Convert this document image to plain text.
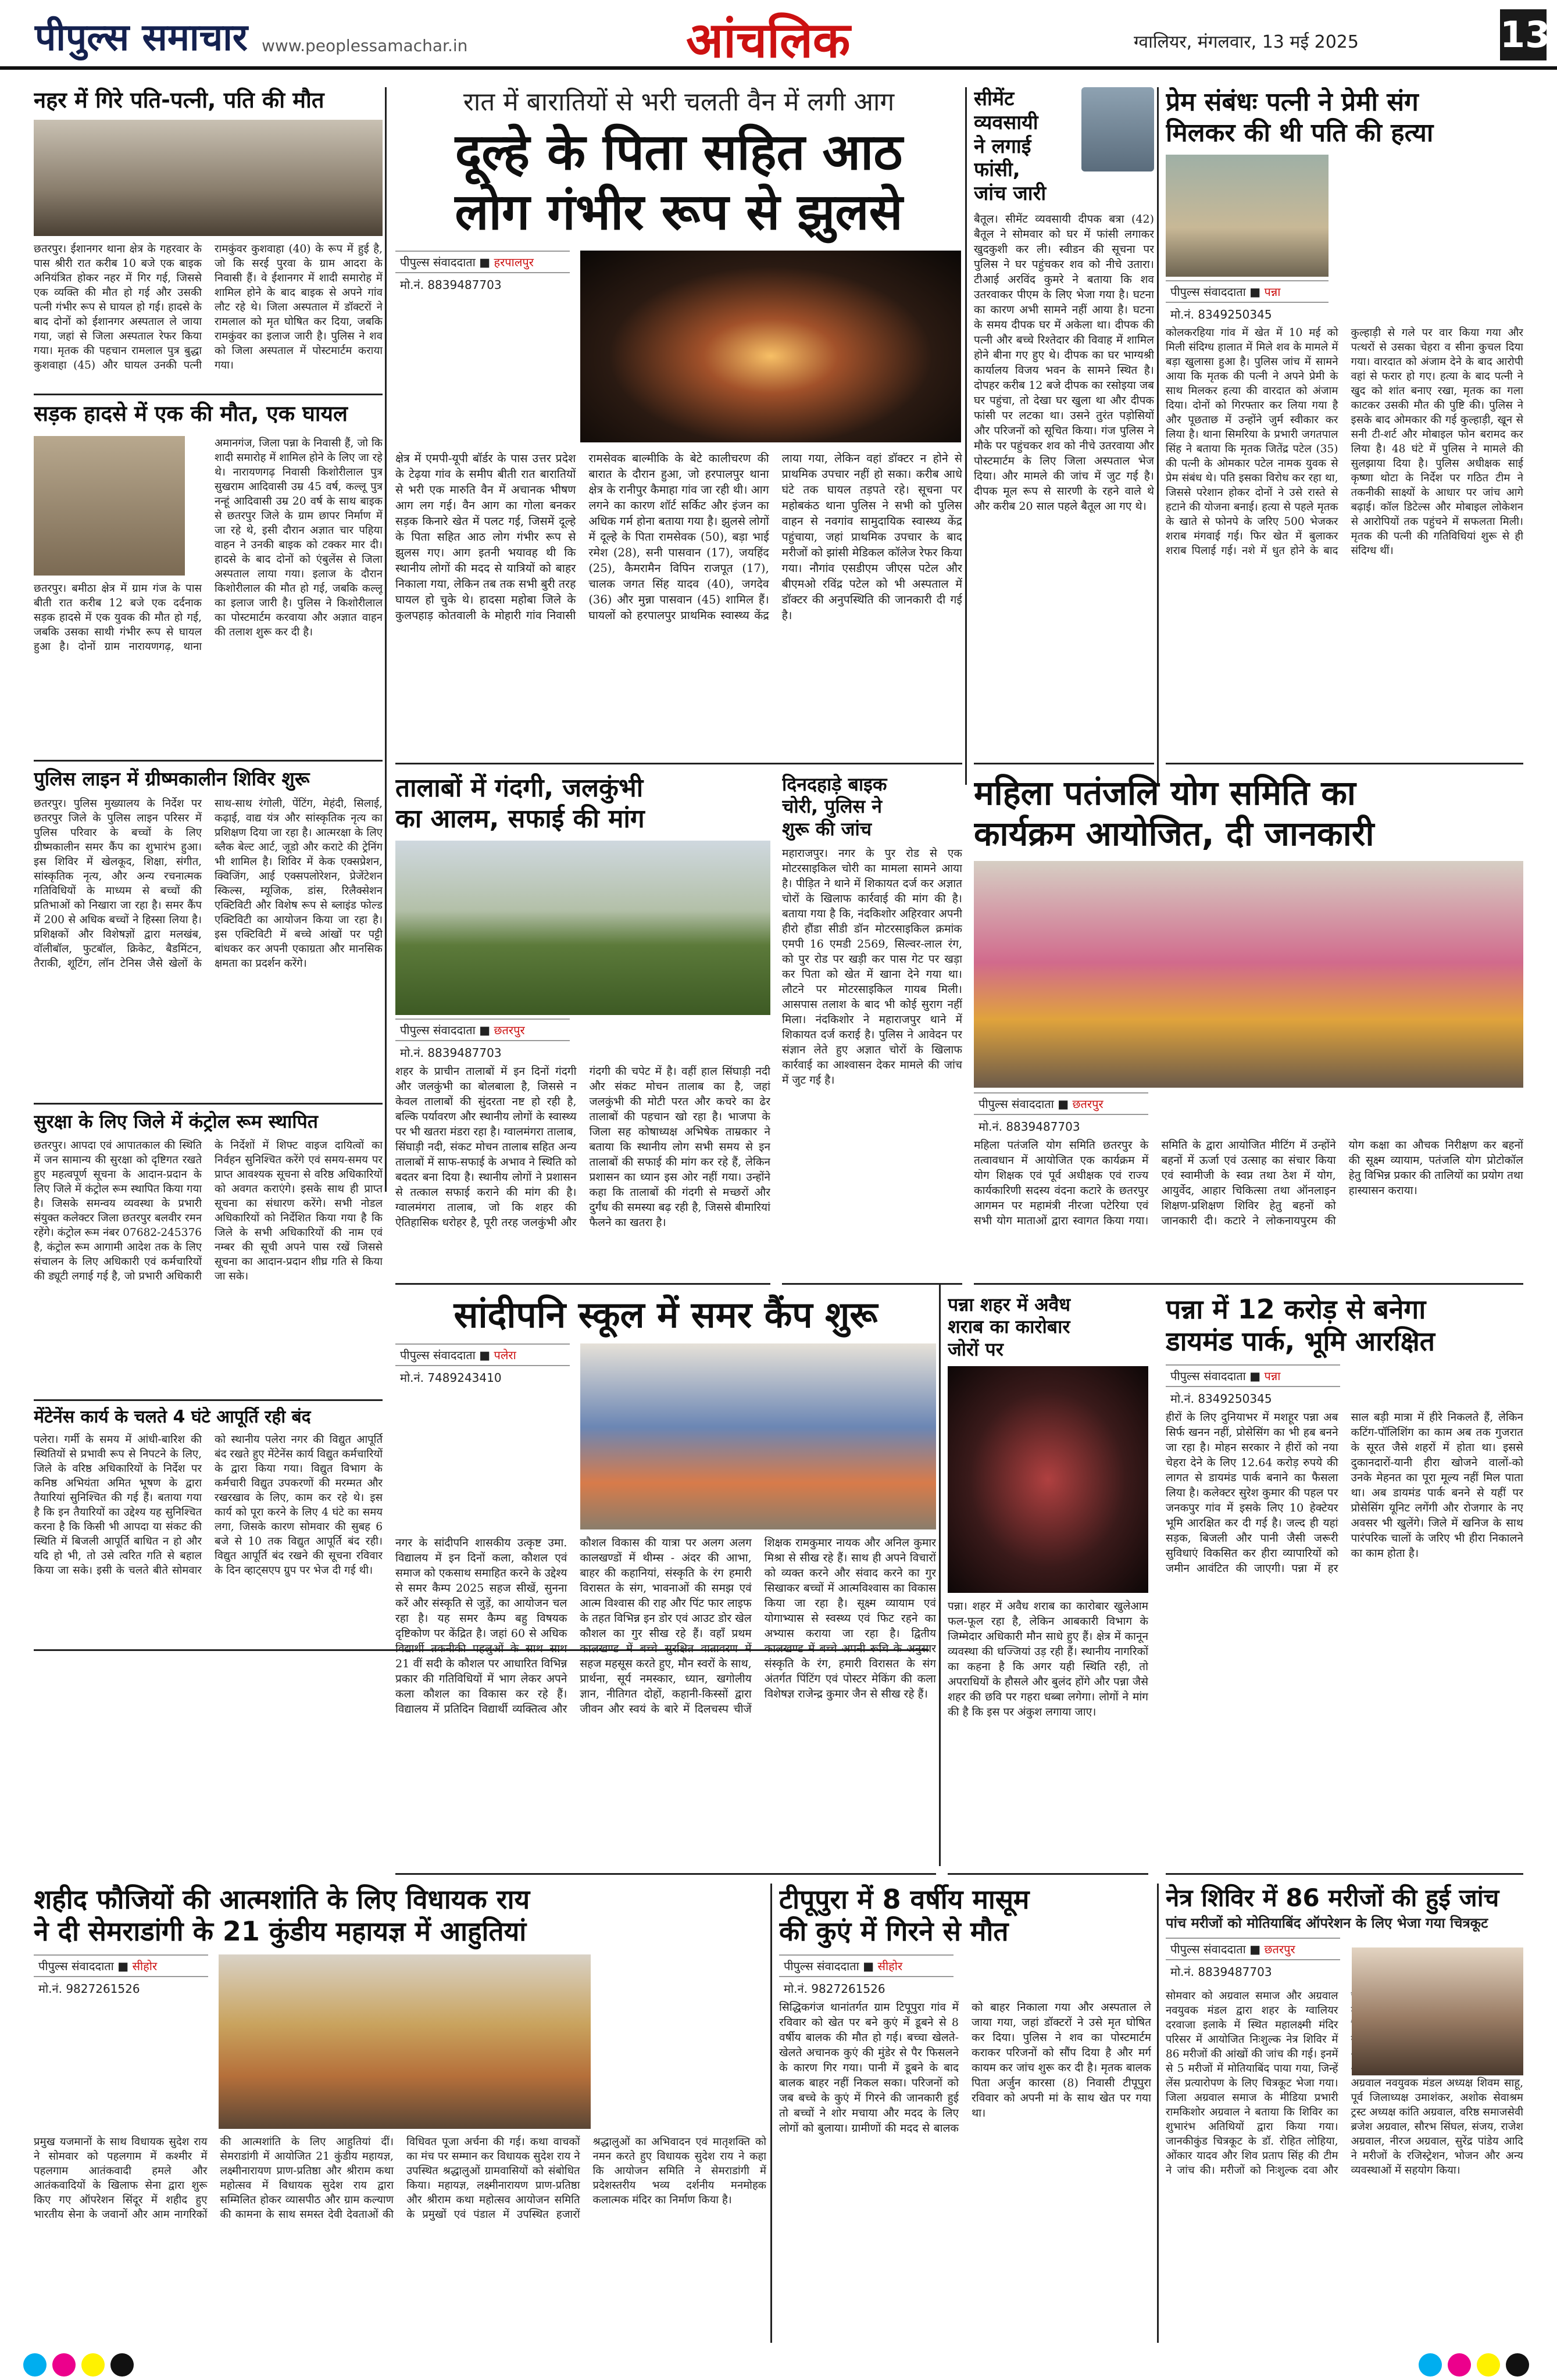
पीपुल्स समाचार www.peoplessamachar.in	आंचलिक	ग्वालियर, मंगलवार, 13 मई 2025	13
नहर में गिरे पति-पत्नी, पति की मौत
छतरपुर। ईशानगर थाना क्षेत्र के गहरवार के पास श्रीरी रात करीब 10 बजे एक बाइक अनियंत्रित होकर नहर में गिर गई, जिससे एक व्यक्ति की मौत हो गई और उसकी पत्नी गंभीर रूप से घायल हो गई। हादसे के बाद दोनों को ईशानगर अस्पताल ले जाया गया, जहां से जिला अस्पताल रेफर किया गया। मृतक की पहचान रामलाल पुत्र बुद्धा कुशवाहा (45) और घायल उनकी पत्नी रामकुंवर कुशवाहा (40) के रूप में हुई है, जो कि सरई पुरवा के ग्राम आदरा के निवासी हैं। वे ईशानगर में शादी समारोह में शामिल होने के बाद बाइक से अपने गांव लौट रहे थे। जिला अस्पताल में डॉक्टरों ने रामलाल को मृत घोषित कर दिया, जबकि रामकुंवर का इलाज जारी है। पुलिस ने शव को जिला अस्पताल में पोस्टमार्टम कराया गया।
सड़क हादसे में एक की मौत, एक घायल
छतरपुर। बमीठा क्षेत्र में ग्राम गंज के पास बीती रात करीब 12 बजे एक दर्दनाक सड़क हादसे में एक युवक की मौत हो गई, जबकि उसका साथी गंभीर रूप से घायल हुआ है। दोनों ग्राम नारायणगढ़, थाना अमानगंज, जिला पन्ना के निवासी हैं, जो कि शादी समारोह में शामिल होने के लिए जा रहे थे। नारायणगढ़ निवासी किशोरीलाल पुत्र सुखराम आदिवासी उम्र 45 वर्ष, कल्लू पुत्र नन्हूं आदिवासी उम्र 20 वर्ष के साथ बाइक से छतरपुर जिले के ग्राम छापर निर्माण में जा रहे थे, इसी दौरान अज्ञात चार पहिया वाहन ने उनकी बाइक को टक्कर मार दी। हादसे के बाद दोनों को एंबुलेंस से जिला अस्पताल लाया गया। इलाज के दौरान किशोरीलाल की मौत हो गई, जबकि कल्लू का इलाज जारी है। पुलिस ने किशोरीलाल का पोस्टमार्टम करवाया और अज्ञात वाहन की तलाश शुरू कर दी है।
पुलिस लाइन में ग्रीष्मकालीन शिविर शुरू
छतरपुर। पुलिस मुख्यालय के निर्देश पर छतरपुर जिले के पुलिस लाइन परिसर में पुलिस परिवार के बच्चों के लिए ग्रीष्मकालीन समर कैंप का शुभारंभ हुआ। इस शिविर में खेलकूद, शिक्षा, संगीत, सांस्कृतिक नृत्य, और अन्य रचनात्मक गतिविधियों के माध्यम से बच्चों की प्रतिभाओं को निखारा जा रहा है। समर कैंप में 200 से अधिक बच्चों ने हिस्सा लिया है। प्रशिक्षकों और विशेषज्ञों द्वारा मलखंब, वॉलीबॉल, फुटबॉल, क्रिकेट, बैडमिंटन, तैराकी, शूटिंग, लॉन टेनिस जैसे खेलों के साथ-साथ रंगोली, पेंटिंग, मेहंदी, सिलाई, कढ़ाई, वाद्य यंत्र और सांस्कृतिक नृत्य का प्रशिक्षण दिया जा रहा है। आत्मरक्षा के लिए ब्लैक बेल्ट आर्ट, जूडो और कराटे की ट्रेनिंग भी शामिल है। शिविर में केक एक्सप्रेशन, क्विजिंग, आई एक्सपलोरेशन, प्रेजेंटेशन स्किल्स, म्यूजिक, डांस, रिलैक्सेशन एक्टिविटी और विशेष रूप से ब्लाइंड फोल्ड एक्टिविटी का आयोजन किया जा रहा है। इस एक्टिविटी में बच्चे आंखों पर पट्टी बांधकर कर अपनी एकाग्रता और मानसिक क्षमता का प्रदर्शन करेंगे।
सुरक्षा के लिए जिले में कंट्रोल रूम स्थापित
छतरपुर। आपदा एवं आपातकाल की स्थिति में जन सामान्य की सुरक्षा को दृष्टिगत रखते हुए महत्वपूर्ण सूचना के आदान-प्रदान के लिए जिले में कंट्रोल रूम स्थापित किया गया है। जिसके समन्वय व्यवस्था के प्रभारी संयुक्त कलेक्टर जिला छतरपुर बलवीर रमन रहेंगे। कंट्रोल रूम नंबर 07682-245376 है, कंट्रोल रूम आगामी आदेश तक के लिए संचालन के लिए अधिकारी एवं कर्मचारियों की ड्यूटी लगाई गई है, जो प्रभारी अधिकारी के निर्देशों में शिफ्ट वाइज दायित्वों का निर्वहन सुनिश्चित करेंगे एवं समय-समय पर प्राप्त आवश्यक सूचना से वरिष्ठ अधिकारियों को अवगत कराएंगे। इसके साथ ही प्राप्त सूचना का संधारण करेंगे। सभी नोडल अधिकारियों को निर्देशित किया गया है कि जिले के सभी अधिकारियों की नाम एवं नम्बर की सूची अपने पास रखें जिससे सूचना का आदान-प्रदान शीघ्र गति से किया जा सके।
मेंटेनेंस कार्य के चलते 4 घंटे आपूर्ति रही बंद
पलेरा। गर्मी के समय में आंधी-बारिश की स्थितियों से प्रभावी रूप से निपटने के लिए, जिले के वरिष्ठ अधिकारियों के निर्देश पर कनिष्ठ अभियंता अमित भूषण के द्वारा तैयारियां सुनिश्चित की गई हैं। बताया गया है कि इन तैयारियों का उद्देश्य यह सुनिश्चित करना है कि किसी भी आपदा या संकट की स्थिति में बिजली आपूर्ति बाधित न हो और यदि हो भी, तो उसे त्वरित गति से बहाल किया जा सके। इसी के चलते बीते सोमवार को स्थानीय पलेरा नगर की विद्युत आपूर्ति बंद रखते हुए मेंटेनेंस कार्य विद्युत कर्मचारियों के द्वारा किया गया। विद्युत विभाग के कर्मचारी विद्युत उपकरणों की मरम्मत और रखरखाव के लिए, काम कर रहे थे। इस कार्य को पूरा करने के लिए 4 घंटे का समय लगा, जिसके कारण सोमवार की सुबह 6 बजे से 10 तक विद्युत आपूर्ति बंद रही। विद्युत आपूर्ति बंद रखने की सूचना रविवार के दिन व्हाट्सएप ग्रुप पर भेज दी गई थी।
रात में बारातियों से भरी चलती वैन में लगी आग
दूल्हे के पिता सहित आठ
लोग गंभीर रूप से झुलसे
पीपुल्स संवाददाता ■ हरपालपुर
मो.नं. 8839487703
क्षेत्र में एमपी-यूपी बॉर्डर के पास उत्तर प्रदेश के टेढ़या गांव के समीप बीती रात बारातियों से भरी एक मारुति वैन में अचानक भीषण आग लग गई। वैन आग का गोला बनकर सड़क किनारे खेत में पलट गई, जिसमें दूल्हे के पिता सहित आठ लोग गंभीर रूप से झुलस गए। आग इतनी भयावह थी कि स्थानीय लोगों की मदद से यात्रियों को बाहर निकाला गया, लेकिन तब तक सभी बुरी तरह घायल हो चुके थे। हादसा महोबा जिले के कुलपहाड़ कोतवाली के मोहारी गांव निवासी रामसेवक बाल्मीकि के बेटे कालीचरण की बारात के दौरान हुआ, जो हरपालपुर थाना क्षेत्र के रानीपुर कैमाहा गांव जा रही थी। आग लगने का कारण शॉर्ट सर्किट और इंजन का अधिक गर्म होना बताया गया है। झुलसे लोगों में दूल्हे के पिता रामसेवक (50), बड़ा भाई रमेश (28), सनी पासवान (17), जयहिंद (25), कैमरामैन विपिन राजपूत (17), चालक जगत सिंह यादव (40), जगदेव (36) और मुन्ना पासवान (45) शामिल हैं। घायलों को हरपालपुर प्राथमिक स्वास्थ्य केंद्र लाया गया, लेकिन वहां डॉक्टर न होने से प्राथमिक उपचार नहीं हो सका। करीब आधे घंटे तक घायल तड़पते रहे। सूचना पर महोबकंठ थाना पुलिस ने सभी को पुलिस वाहन से नवगांव सामुदायिक स्वास्थ्य केंद्र पहुंचाया, जहां प्राथमिक उपचार के बाद मरीजों को झांसी मेडिकल कॉलेज रेफर किया गया। नौगांव एसडीएम जीएस पटेल और बीएमओ रविंद्र पटेल को भी अस्पताल में डॉक्टर की अनुपस्थिति की जानकारी दी गई है।
सीमेंट व्यवसायी
ने लगाई फांसी,
जांच जारी
बैतूल। सीमेंट व्यवसायी दीपक बत्रा (42) बैतूल ने सोमवार को घर में फांसी लगाकर खुदकुशी कर ली। स्वीडन की सूचना पर पुलिस ने घर पहुंचकर शव को नीचे उतारा। टीआई अरविंद कुमरे ने बताया कि शव उतरवाकर पीएम के लिए भेजा गया है। घटना का कारण अभी सामने नहीं आया है। घटना के समय दीपक घर में अकेला था। दीपक की पत्नी और बच्चे रिश्तेदार की विवाह में शामिल होने बीना गए हुए थे। दीपक का घर भाग्यश्री कार्यालय विजय भवन के सामने स्थित है। दोपहर करीब 12 बजे दीपक का रसोइया जब घर पहुंचा, तो देखा घर खुला था और दीपक फांसी पर लटका था। उसने तुरंत पड़ोसियों और परिजनों को सूचित किया। गंज पुलिस ने मौके पर पहुंचकर शव को नीचे उतरवाया और पोस्टमार्टम के लिए जिला अस्पताल भेज दिया। और मामले की जांच में जुट गई है। दीपक मूल रूप से सारणी के रहने वाले थे और करीब 20 साल पहले बैतूल आ गए थे।
प्रेम संबंधः पत्नी ने प्रेमी संग
मिलकर की थी पति की हत्या
पीपुल्स संवाददाता ■ पन्ना
मो.नं. 8349250345
कोलकरहिया गांव में खेत में 10 मई को मिली संदिग्ध हालात में मिले शव के मामले में बड़ा खुलासा हुआ है। पुलिस जांच में सामने आया कि मृतक की पत्नी ने अपने प्रेमी के साथ मिलकर हत्या की वारदात को अंजाम दिया। दोनों को गिरफ्तार कर लिया गया है और पूछताछ में उन्होंने जुर्म स्वीकार कर लिया है। थाना सिमरिया के प्रभारी जगतपाल सिंह ने बताया कि मृतक जितेंद्र पटेल (35) की पत्नी के ओमकार पटेल नामक युवक से प्रेम संबंध थे। पति इसका विरोध कर रहा था, जिससे परेशान होकर दोनों ने उसे रास्ते से हटाने की योजना बनाई। हत्या से पहले मृतक के खाते से फोनपे के जरिए 500 भेजकर शराब मंगवाई गई। फिर खेत में बुलाकर शराब पिलाई गई। नशे में धुत होने के बाद कुल्हाड़ी से गले पर वार किया गया और पत्थरों से उसका चेहरा व सीना कुचल दिया गया। वारदात को अंजाम देने के बाद आरोपी वहां से फरार हो गए। हत्या के बाद पत्नी ने खुद को शांत बनाए रखा, मृतक का गला काटकर उसकी मौत की पुष्टि की। पुलिस ने इसके बाद ओमकार की गई कुल्हाड़ी, खून से सनी टी-शर्ट और मोबाइल फोन बरामद कर लिया है। 48 घंटे में पुलिस ने मामले की सुलझाया दिया है। पुलिस अधीक्षक साई कृष्णा थोटा के निर्देश पर गठित टीम ने तकनीकी साक्ष्यों के आधार पर जांच आगे बढ़ाई। कॉल डिटेल्स और मोबाइल लोकेशन से आरोपियों तक पहुंचने में सफलता मिली। मृतक की पत्नी की गतिविधियां शुरू से ही संदिग्ध थीं।
तालाबों में गंदगी, जलकुंभी
का आलम, सफाई की मांग
पीपुल्स संवाददाता ■ छतरपुर
मो.नं. 8839487703
शहर के प्राचीन तालाबों में इन दिनों गंदगी और जलकुंभी का बोलबाला है, जिससे न केवल तालाबों की सुंदरता नष्ट हो रही है, बल्कि पर्यावरण और स्थानीय लोगों के स्वास्थ्य पर भी खतरा मंडरा रहा है। ग्वालमंगरा तालाब, सिंघाड़ी नदी, संकट मोचन तालाब सहित अन्य तालाबों में साफ-सफाई के अभाव ने स्थिति को बदतर बना दिया है। स्थानीय लोगों ने प्रशासन से तत्काल सफाई कराने की मांग की है। ग्वालमंगरा तालाब, जो कि शहर की ऐतिहासिक धरोहर है, पूरी तरह जलकुंभी और गंदगी की चपेट में है। वहीं हाल सिंघाड़ी नदी और संकट मोचन तालाब का है, जहां जलकुंभी की मोटी परत और कचरे का ढेर तालाबों की पहचान खो रहा है। भाजपा के जिला सह कोषाध्यक्ष अभिषेक ताम्रकार ने बताया कि स्थानीय लोग सभी समय से इन तालाबों की सफाई की मांग कर रहे हैं, लेकिन प्रशासन का ध्यान इस ओर नहीं गया। उन्होंने कहा कि तालाबों की गंदगी से मच्छरों और दुर्गंध की समस्या बढ़ रही है, जिससे बीमारियां फैलने का खतरा है।
दिनदहाड़े बाइक
चोरी, पुलिस ने
शुरू की जांच
महाराजपुर। नगर के पुर रोड से एक मोटरसाइकिल चोरी का मामला सामने आया है। पीड़ित ने थाने में शिकायत दर्ज कर अज्ञात चोरों के खिलाफ कार्रवाई की मांग की है। बताया गया है कि, नंदकिशोर अहिरवार अपनी हीरो हौंडा सीडी डॉन मोटरसाइकिल क्रमांक एमपी 16 एमडी 2569, सिल्वर-लाल रंग, को पुर रोड पर खड़ी कर पास गेट पर खड़ा कर पिता को खेत में खाना देने गया था। लौटने पर मोटरसाइकिल गायब मिली। आसपास तलाश के बाद भी कोई सुराग नहीं मिला। नंदकिशोर ने महाराजपुर थाने में शिकायत दर्ज कराई है। पुलिस ने आवेदन पर संज्ञान लेते हुए अज्ञात चोरों के खिलाफ कार्रवाई का आश्वासन देकर मामले की जांच में जुट गई है।
महिला पतंजलि योग समिति का
कार्यक्रम आयोजित, दी जानकारी
पीपुल्स संवाददाता ■ छतरपुर
मो.नं. 8839487703
महिला पतंजलि योग समिति छतरपुर के तत्वावधान में आयोजित एक कार्यक्रम में योग शिक्षक एवं पूर्व अधीक्षक एवं राज्य कार्यकारिणी सदस्य वंदना कटारे के छतरपुर आगमन पर महामंत्री नीरजा पटेरिया एवं सभी योग माताओं द्वारा स्वागत किया गया। समिति के द्वारा आयोजित मीटिंग में उन्होंने बहनों में ऊर्जा एवं उत्साह का संचार किया एवं स्वामीजी के स्वप्न तथा ठेश में योग, आयुर्वेद, आहार चिकित्सा तथा ऑनलाइन शिक्षण-प्रशिक्षण शिविर हेतु बहनों को जानकारी दी। कटारे ने लोकनायपुरम की योग कक्षा का औचक निरीक्षण कर बहनों की सूक्ष्म व्यायाम, पतंजलि योग प्रोटोकॉल हेतु विभिन्न प्रकार की तालियों का प्रयोग तथा हास्यासन कराया।
सांदीपनि स्कूल में समर कैंप शुरू
पीपुल्स संवाददाता ■ पलेरा
मो.नं. 7489243410
नगर के सांदीपनि शासकीय उत्कृष्ट उमा. विद्यालय में इन दिनों कला, कौशल एवं समाज को एकसाथ समाहित करने के उद्देश्य से समर कैम्प 2025 सहज सीखें, सुनना करें और संस्कृति से जुड़ें, का आयोजन चल रहा है। यह समर कैम्प बहु विषयक दृष्टिकोण पर केंद्रित है। जहां 60 से अधिक विद्यार्थी तकनीकी पहलुओं के साथ साथ 21 वीं सदी के कौशल पर आधारित विभिन्न प्रकार की गतिविधियों में भाग लेकर अपने कला कौशल का विकास कर रहे हैं। विद्यालय में प्रतिदिन विद्यार्थी व्यक्तित्व और कौशल विकास की यात्रा पर अलग अलग कालखण्डों में थीम्स - अंदर की आभा, बाहर की कहानियां, संस्कृति के रंग हमारी विरासत के संग, भावनाओं की समझ एवं आत्म विश्वास की राह और पिंट फार लाइफ के तहत विभिन्न इन डोर एवं आउट डोर खेल कौशल का गुर सीख रहे हैं। वहाँ प्रथम कालखण्ड में बच्चे सुरक्षित वातावरण में सहज महसूस करते हुए, मौन स्वरों के साथ, प्रार्थना, सूर्य नमस्कार, ध्यान, खगोलीय ज्ञान, नीतिगत दोहों, कहानी-किस्सों द्वारा जीवन और स्वयं के बारे में दिलचस्प चीजें शिक्षक रामकुमार नायक और अनिल कुमार मिश्रा से सीख रहे हैं। साथ ही अपने विचारों को व्यक्त करने और संवाद करने का गुर सिखाकर बच्चों में आत्मविश्वास का विकास किया जा रहा है। सूक्ष्म व्यायाम एवं योगाभ्यास से स्वस्थ्य एवं फिट रहने का अभ्यास कराया जा रहा है। द्वितीय कालखण्ड में बच्चे अपनी रूचि के अनुसार संस्कृति के रंग, हमारी विरासत के संग अंतर्गत पिंटिंग एवं पोस्टर मेकिंग की कला विशेषज्ञ राजेन्द्र कुमार जैन से सीख रहे हैं।
पन्ना शहर में अवैध
शराब का कारोबार
जोरों पर
पन्ना। शहर में अवैध शराब का कारोबार खुलेआम फल-फूल रहा है, लेकिन आबकारी विभाग के जिम्मेदार अधिकारी मौन साधे हुए हैं। क्षेत्र में कानून व्यवस्था की धज्जियां उड़ रही हैं। स्थानीय नागरिकों का कहना है कि अगर यही स्थिति रही, तो अपराधियों के हौसले और बुलंद होंगे और पन्ना जैसे शहर की छवि पर गहरा धब्बा लगेगा। लोगों ने मांग की है कि इस पर अंकुश लगाया जाए।
पन्ना में 12 करोड़ से बनेगा
डायमंड पार्क, भूमि आरक्षित
पीपुल्स संवाददाता ■ पन्ना
मो.नं. 8349250345
हीरों के लिए दुनियाभर में मशहूर पन्ना अब सिर्फ खनन नहीं, प्रोसेसिंग का भी हब बनने जा रहा है। मोहन सरकार ने हीरों को नया चेहरा देने के लिए 12.64 करोड़ रुपये की लागत से डायमंड पार्क बनाने का फैसला लिया है। कलेक्टर सुरेश कुमार की पहल पर जनकपुर गांव में इसके लिए 10 हेक्टेयर भूमि आरक्षित कर दी गई है। जल्द ही यहां सड़क, बिजली और पानी जैसी जरूरी सुविधाएं विकसित कर हीरा व्यापारियों को जमीन आवंटित की जाएगी। पन्ना में हर साल बड़ी मात्रा में हीरे निकलते हैं, लेकिन कटिंग-पॉलिशिंग का काम अब तक गुजरात के सूरत जैसे शहरों में होता था। इससे दुकानदारों-यानी हीरा खोजने वालों-को उनके मेहनत का पूरा मूल्य नहीं मिल पाता था। अब डायमंड पार्क बनने से यहीं पर प्रोसेसिंग यूनिट लगेंगी और रोजगार के नए अवसर भी खुलेंगे। जिले में खनिज के साथ पारंपरिक चालों के जरिए भी हीरा निकालने का काम होता है।
शहीद फौजियों की आत्मशांति के लिए विधायक राय
ने दी सेमराडांगी के 21 कुंडीय महायज्ञ में आहुतियां
पीपुल्स संवाददाता ■ सीहोर
मो.नं. 9827261526
प्रमुख यजमानों के साथ विधायक सुदेश राय ने सोमवार को पहलगाम में कश्मीर में पहलगाम आतंकवादी हमले और आतंकवादियों के खिलाफ सेना द्वारा शुरू किए गए ऑपरेशन सिंदूर में शहीद हुए भारतीय सेना के जवानों और आम नागरिकों की आत्मशांति के लिए आहुतियां दीं। सेमराडांगी में आयोजित 21 कुंडीय महायज्ञ, लक्ष्मीनारायण प्राण-प्रतिष्ठा और श्रीराम कथा महोत्सव में विधायक सुदेश राय द्वारा सम्मिलित होकर व्यासपीठ और ग्राम कल्याण की कामना के साथ समस्त देवी देवताओं की विधिवत पूजा अर्चना की गई। कथा वाचकों का मंच पर सम्मान कर विधायक सुदेश राय ने उपस्थित श्रद्धालुओं ग्रामवासियों को संबोधित किया। महायज्ञ, लक्ष्मीनारायण प्राण-प्रतिष्ठा और श्रीराम कथा महोत्सव आयोजन समिति के प्रमुखों एवं पंडाल में उपस्थित हजारों श्रद्धालुओं का अभिवादन एवं मातृशक्ति को नमन करते हुए विधायक सुदेश राय ने कहा कि आयोजन समिति ने सेमराडांगी में प्रदेशस्तरीय भव्य दर्शनीय मनमोहक कलात्मक मंदिर का निर्माण किया है।
टीपूपुरा में 8 वर्षीय मासूम
की कुएं में गिरने से मौत
पीपुल्स संवाददाता ■ सीहोर
मो.नं. 9827261526
सिद्धिकगंज थानांतर्गत ग्राम टिपूपुरा गांव में रविवार को खेत पर बने कुएं में डूबने से 8 वर्षीय बालक की मौत हो गई। बच्चा खेलते-खेलते अचानक कुएं की मुंडेर से पैर फिसलने के कारण गिर गया। पानी में डूबने के बाद बालक बाहर नहीं निकल सका। परिजनों को जब बच्चे के कुएं में गिरने की जानकारी हुई तो बच्चों ने शोर मचाया और मदद के लिए लोगों को बुलाया। ग्रामीणों की मदद से बालक को बाहर निकाला गया और अस्पताल ले जाया गया, जहां डॉक्टरों ने उसे मृत घोषित कर दिया। पुलिस ने शव का पोस्टमार्टम कराकर परिजनों को सौंप दिया है और मर्ग कायम कर जांच शुरू कर दी है। मृतक बालक पिता अर्जुन कारसा (8) निवासी टीपूपुरा रविवार को अपनी मां के साथ खेत पर गया था।
नेत्र शिविर में 86 मरीजों की हुई जांच
पांच मरीजों को मोतियाबिंद ऑपरेशन के लिए भेजा गया चित्रकूट
पीपुल्स संवाददाता ■ छतरपुर
मो.नं. 8839487703
सोमवार को अग्रवाल समाज और अग्रवाल नवयुवक मंडल द्वारा शहर के ग्वालियर दरवाजा इलाके में स्थित महालक्ष्मी मंदिर परिसर में आयोजित निःशुल्क नेत्र शिविर में 86 मरीजों की आंखों की जांच की गई। इनमें से 5 मरीजों में मोतियाबिंद पाया गया, जिन्हें लेंस प्रत्यारोपण के लिए चित्रकूट भेजा गया। जिला अग्रवाल समाज के मीडिया प्रभारी रामकिशोर अग्रवाल ने बताया कि शिविर का शुभारंभ अतिथियों द्वारा किया गया। जानकीकुंड चित्रकूट के डॉ. रोहित लोहिया, ओंकार यादव और शिव प्रताप सिंह की टीम ने जांच की। मरीजों को निःशुल्क दवा और अग्रवाल नवयुवक मंडल अध्यक्ष शिवम साहू, पूर्व जिलाध्यक्ष उमाशंकर, अशोक सेवाश्रम ट्रस्ट अध्यक्ष कांति अग्रवाल, वरिष्ठ समाजसेवी ब्रजेश अग्रवाल, सौरभ सिंघल, संजय, राजेश अग्रवाल, नीरज अग्रवाल, सुरेंद्र पांडेय आदि ने मरीजों के रजिस्ट्रेशन, भोजन और अन्य व्यवस्थाओं में सहयोग किया।
